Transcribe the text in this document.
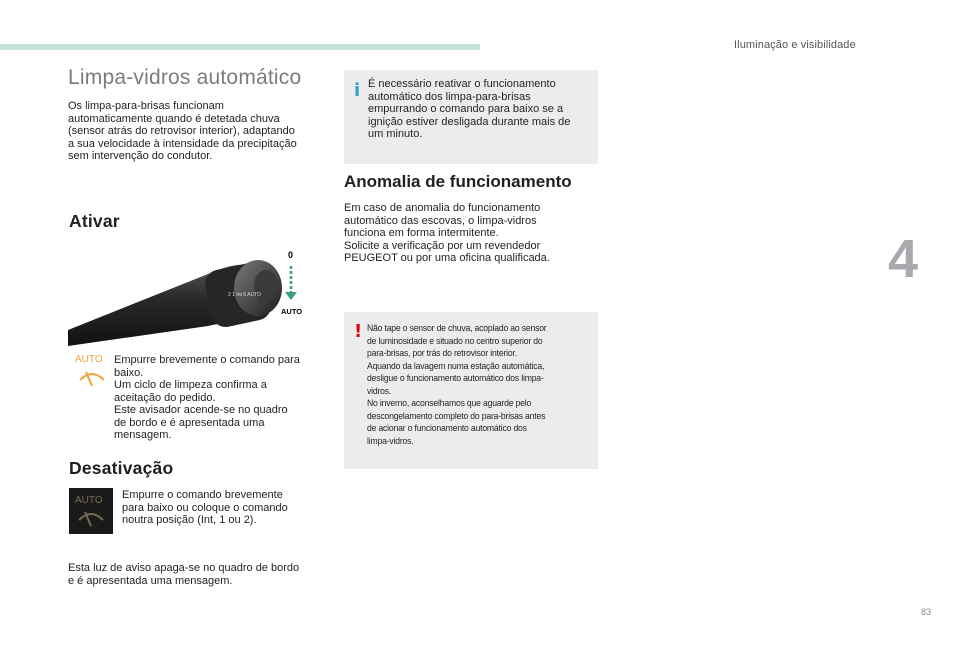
Iluminação e visibilidade
4
83
Limpa-vidros automático
Os limpa-para-brisas funcionam
automaticamente quando é detetada chuva
(sensor atrás do retrovisor interior), adaptando
a sua velocidade à intensidade da precipitação
sem intervenção do condutor.
Ativar
2 1 Int 0 AUTO
0
AUTO
AUTO Empurre brevemente o comando para
baixo.
Um ciclo de limpeza confirma a
aceitação do pedido.
Este avisador acende-se no quadro
de bordo e é apresentada uma
mensagem.
Desativação
AUTO Empurre o comando brevemente
para baixo ou coloque o comando
noutra posição (Int, 1 ou 2).
Esta luz de aviso apaga-se no quadro de bordo
e é apresentada uma mensagem.
i É necessário reativar o funcionamento
automático dos limpa-para-brisas
empurrando o comando para baixo se a
ignição estiver desligada durante mais de
um minuto.
Anomalia de funcionamento
Em caso de anomalia do funcionamento
automático das escovas, o limpa-vidros
funciona em forma intermitente.
Solicite a verificação por um revendedor
PEUGEOT ou por uma oficina qualificada.
! Não tape o sensor de chuva, acoplado ao sensor
de luminosidade e situado no centro superior do
para-brisas, por trás do retrovisor interior.
Aquando da lavagem numa estação automática,
desligue o funcionamento automático dos limpa-
vidros.
No inverno, aconselhamos que aguarde pelo
descongelamento completo do para-brisas antes
de acionar o funcionamento automático dos
limpa-vidros.
